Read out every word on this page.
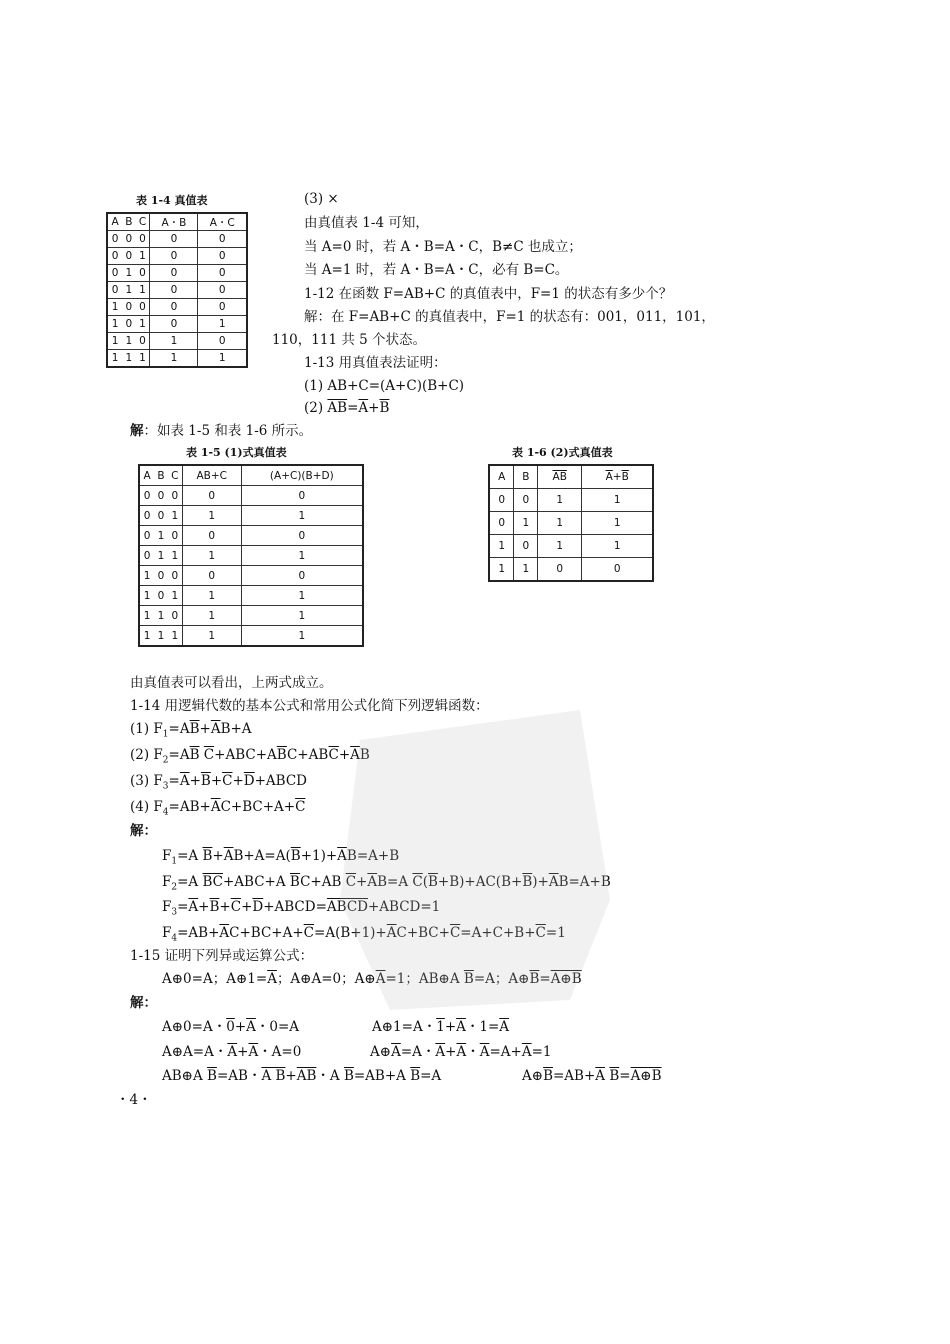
表 1-4 真值表
A	B	C	A・B	A・C
0	0	0	0	0
0	0	1	0	0
0	1	0	0	0
0	1	1	0	0
1	0	0	0	0
1	0	1	0	1
1	1	0	1	0
1	1	1	1	1
(3) ×
由真值表 1-4 可知，
当 A=0 时，若 A・B=A・C，B≠C 也成立；
当 A=1 时，若 A・B=A・C，必有 B=C。
1-12 在函数 F=AB+C 的真值表中，F=1 的状态有多少个？
解：在 F=AB+C 的真值表中，F=1 的状态有：001，011，101，
110，111 共 5 个状态。
1-13 用真值表法证明：
(1) AB+C=(A+C)(B+C)
(2) $\overline{AB}=\overline{A}+\overline{B}$
解：如表 1-5 和表 1-6 所示。
表 1-5 (1)式真值表
A	B	C	AB+C	(A+C)(B+D)
0	0	0	0	0
0	0	1	1	1
0	1	0	0	0
0	1	1	1	1
1	0	0	0	0
1	0	1	1	1
1	1	0	1	1
1	1	1	1	1
表 1-6 (2)式真值表
A	B	$\overline{AB}$	$\overline{A}+\overline{B}$
0	0	1	1
0	1	1	1
1	0	1	1
1	1	0	0
由真值表可以看出，上两式成立。
1-14 用逻辑代数的基本公式和常用公式化简下列逻辑函数：
(1) $F_1=A\overline{B}+\overline{A}B+A$
(2) $F_2=A\overline{B}$ $\overline{C}+ABC+A\overline{B}C+AB\overline{C}+\overline{A}B$
(3) $F_3=\overline{A}+\overline{B}+\overline{C}+\overline{D}+ABCD$
(4) $F_4=AB+\overline{A}C+BC+A+\overline{C}$
解：
$F_1=A$ $\overline{B}+\overline{A}B+A=A(\overline{B}+1)+\overline{A}B=A+B$
$F_2=A$ $\overline{B}\overline{C}+ABC+A$ $\overline{B}C+AB$ $\overline{C}+\overline{A}B=A$ $\overline{C}(\overline{B}+B)+AC(B+\overline{B})+\overline{A}B=A+B$
$F_3=\overline{A}+\overline{B}+\overline{C}+\overline{D}+ABCD=ABCD+ABCD=1$
$F_4=AB+\overline{A}C+BC+A+\overline{C}=A(B+1)+\overline{A}C+BC+\overline{C}=A+C+B+\overline{C}=1$
1-15 证明下列异或运算公式：
A⊕0=A；$A\oplus 1=\overline{A}$；A⊕A=0；$A\oplus\overline{A}=1$；AB⊕A $\overline{B}=A$；$A\oplus\overline{B}=A\oplus B$
解：
A⊕0=A・$0+\overline{A}$・0=A	A⊕1=A・$1+\overline{A}$・$1=\overline{A}$
A⊕A=A・$\overline{A}+\overline{A}$・A=0	$A\oplus\overline{A}=A$・$\overline{A}+\overline{A}$・$\overline{A}=A+\overline{A}=1$
AB⊕A $\overline{B}=AB$・A $B+\overline{AB}$・A $\overline{B}=AB+A$ $\overline{B}=A$	$A\oplus\overline{B}=AB+\overline{A}$ $\overline{B}=A\oplus B$
・4・
